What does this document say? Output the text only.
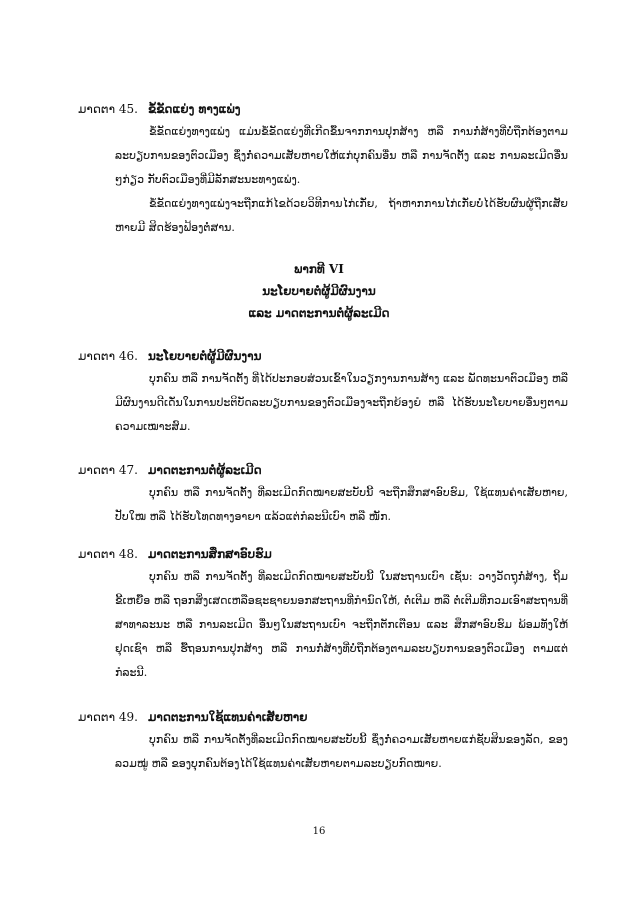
ມາດຕາ 45. ຂໍ້ຂັດແຍ່ງ ທາງແພ່ງ

ຂໍ້ຂັດແຍ່ງທາງແພ່ງ ແມ່ນຂໍ້ຂັດແຍ່ງທີ່ເກີດຂຶ້ນຈາກການປຸກສ້າງ ຫລື ການກໍ່ສ້າງທີ່ບໍ່ຖືກຕ້ອງຕາມລະບຽບການຂອງຕົວເມືອງ ຊຶ່ງກໍ່ຄວາມເສັຍຫາຍໃຫ້ແກ່ບຸກຄົນອື່ນ ຫລື ການຈັດຕັ້ງ ແລະ ການລະເມີດອື່ນໆກ່ຽວ ກັບຕົວເມືອງທີ່ມີລັກສະນະທາງແພ່ງ.

ຂໍ້ຂັດແຍ່ງທາງແພ່ງຈະຖືກແກ້ໄຂດ້ວຍວິທີການໄກ່ເກັ່ຍ, ຖ້າຫາກການໄກ່ເກັ່ຍບໍ່ໄດ້ຮັບຜົນຜູ້ຖືກເສັຍຫາຍມີ ສິດຮ້ອງຟ້ອງຕໍ່ສານ.

ພາກທີ VI
ນະໂຍບາຍຕໍ່ຜູ້ມີຜົນງານ
ແລະ ມາດຕະການຕໍ່ຜູ້ລະເມີດ
ມາດຕາ 46. ນະໂຍບາຍຕໍ່ຜູ້ມີຜົນງານ

ບຸກຄົນ ຫລື ການຈັດຕັ້ງ ທີ່ໄດ້ປະກອບສ່ວນເຂົ້າໃນວຽກງານການສ້າງ ແລະ ພັດທະນາຕົວເມືອງ ຫລື ມີຜົນງານດີເດັ່ນໃນການປະຕິບັດລະບຽບການຂອງຕົວເມືອງຈະຖືກຍ້ອງຍໍ ຫລື ໄດ້ຮັບນະໂຍບາຍອື່ນໆຕາມຄວາມເໝາະສົມ.

ມາດຕາ 47. ມາດຕະການຕໍ່ຜູ້ລະເມີດ

ບຸກຄົນ ຫລື ການຈັດຕັ້ງ ທີ່ລະເມີດກົດໝາຍສະບັບນີ້ ຈະຖືກສຶກສາອົບຮົມ, ໃຊ້ແທນຄ່າເສັຍຫາຍ, ປັບໃໝ ຫລື ໄດ້ຮັບໂທດທາງອາຍາ ແລ້ວແຕ່ກໍລະນີເບົາ ຫລື ໜັກ.

ມາດຕາ 48. ມາດຕະການສຶກສາອົບຮົມ

ບຸກຄົນ ຫລື ການຈັດຕັ້ງ ທີ່ລະເມີດກົດໝາຍສະບັບນີ້ ໃນສະຖານເບົາ ເຊັ່ນ: ວາງວັດຖຸກໍ່ສ້າງ, ຖິ້ມຂີ້ເຫຍື້ອ ຫລື ຖອກສິ່ງເສດເຫລືອຊະຊາຍນອກສະຖານທີ່ກໍານົດໃຫ້, ຕໍ່ເຕີມ ຫລື ຕໍ່ເຕີມທີ່ກວມເອົາສະຖານທີ່ສາທາລະນະ ຫລື ການລະເມີດ ອື່ນໆໃນສະຖານເບົາ ຈະຖືກຕັກເຕືອນ ແລະ ສຶກສາອົບຮົມ ພ້ອມທັງໃຫ້ຢຸດເຊົາ ຫລື ຮື້ຖອນການປຸກສ້າງ ຫລື ການກໍ່ສ້າງທີ່ບໍ່ຖືກຕ້ອງຕາມລະບຽບການຂອງຕົວເມືອງ ຕາມແຕ່ກໍລະນີ.

ມາດຕາ 49. ມາດຕະການໃຊ້ແທນຄ່າເສັຍຫາຍ

ບຸກຄົນ ຫລື ການຈັດຕັ້ງທີ່ລະເມີດກົດໝາຍສະບັບນີ້ ຊຶ່ງກໍ່ຄວາມເສັຍຫາຍແກ່ຊັບສິນຂອງລັດ, ຂອງລວມໝູ່ ຫລື ຂອງບຸກຄົນຕ້ອງໄດ້ໃຊ້ແທນຄ່າເສັຍຫາຍຕາມລະບຽບກົດໝາຍ.

16
